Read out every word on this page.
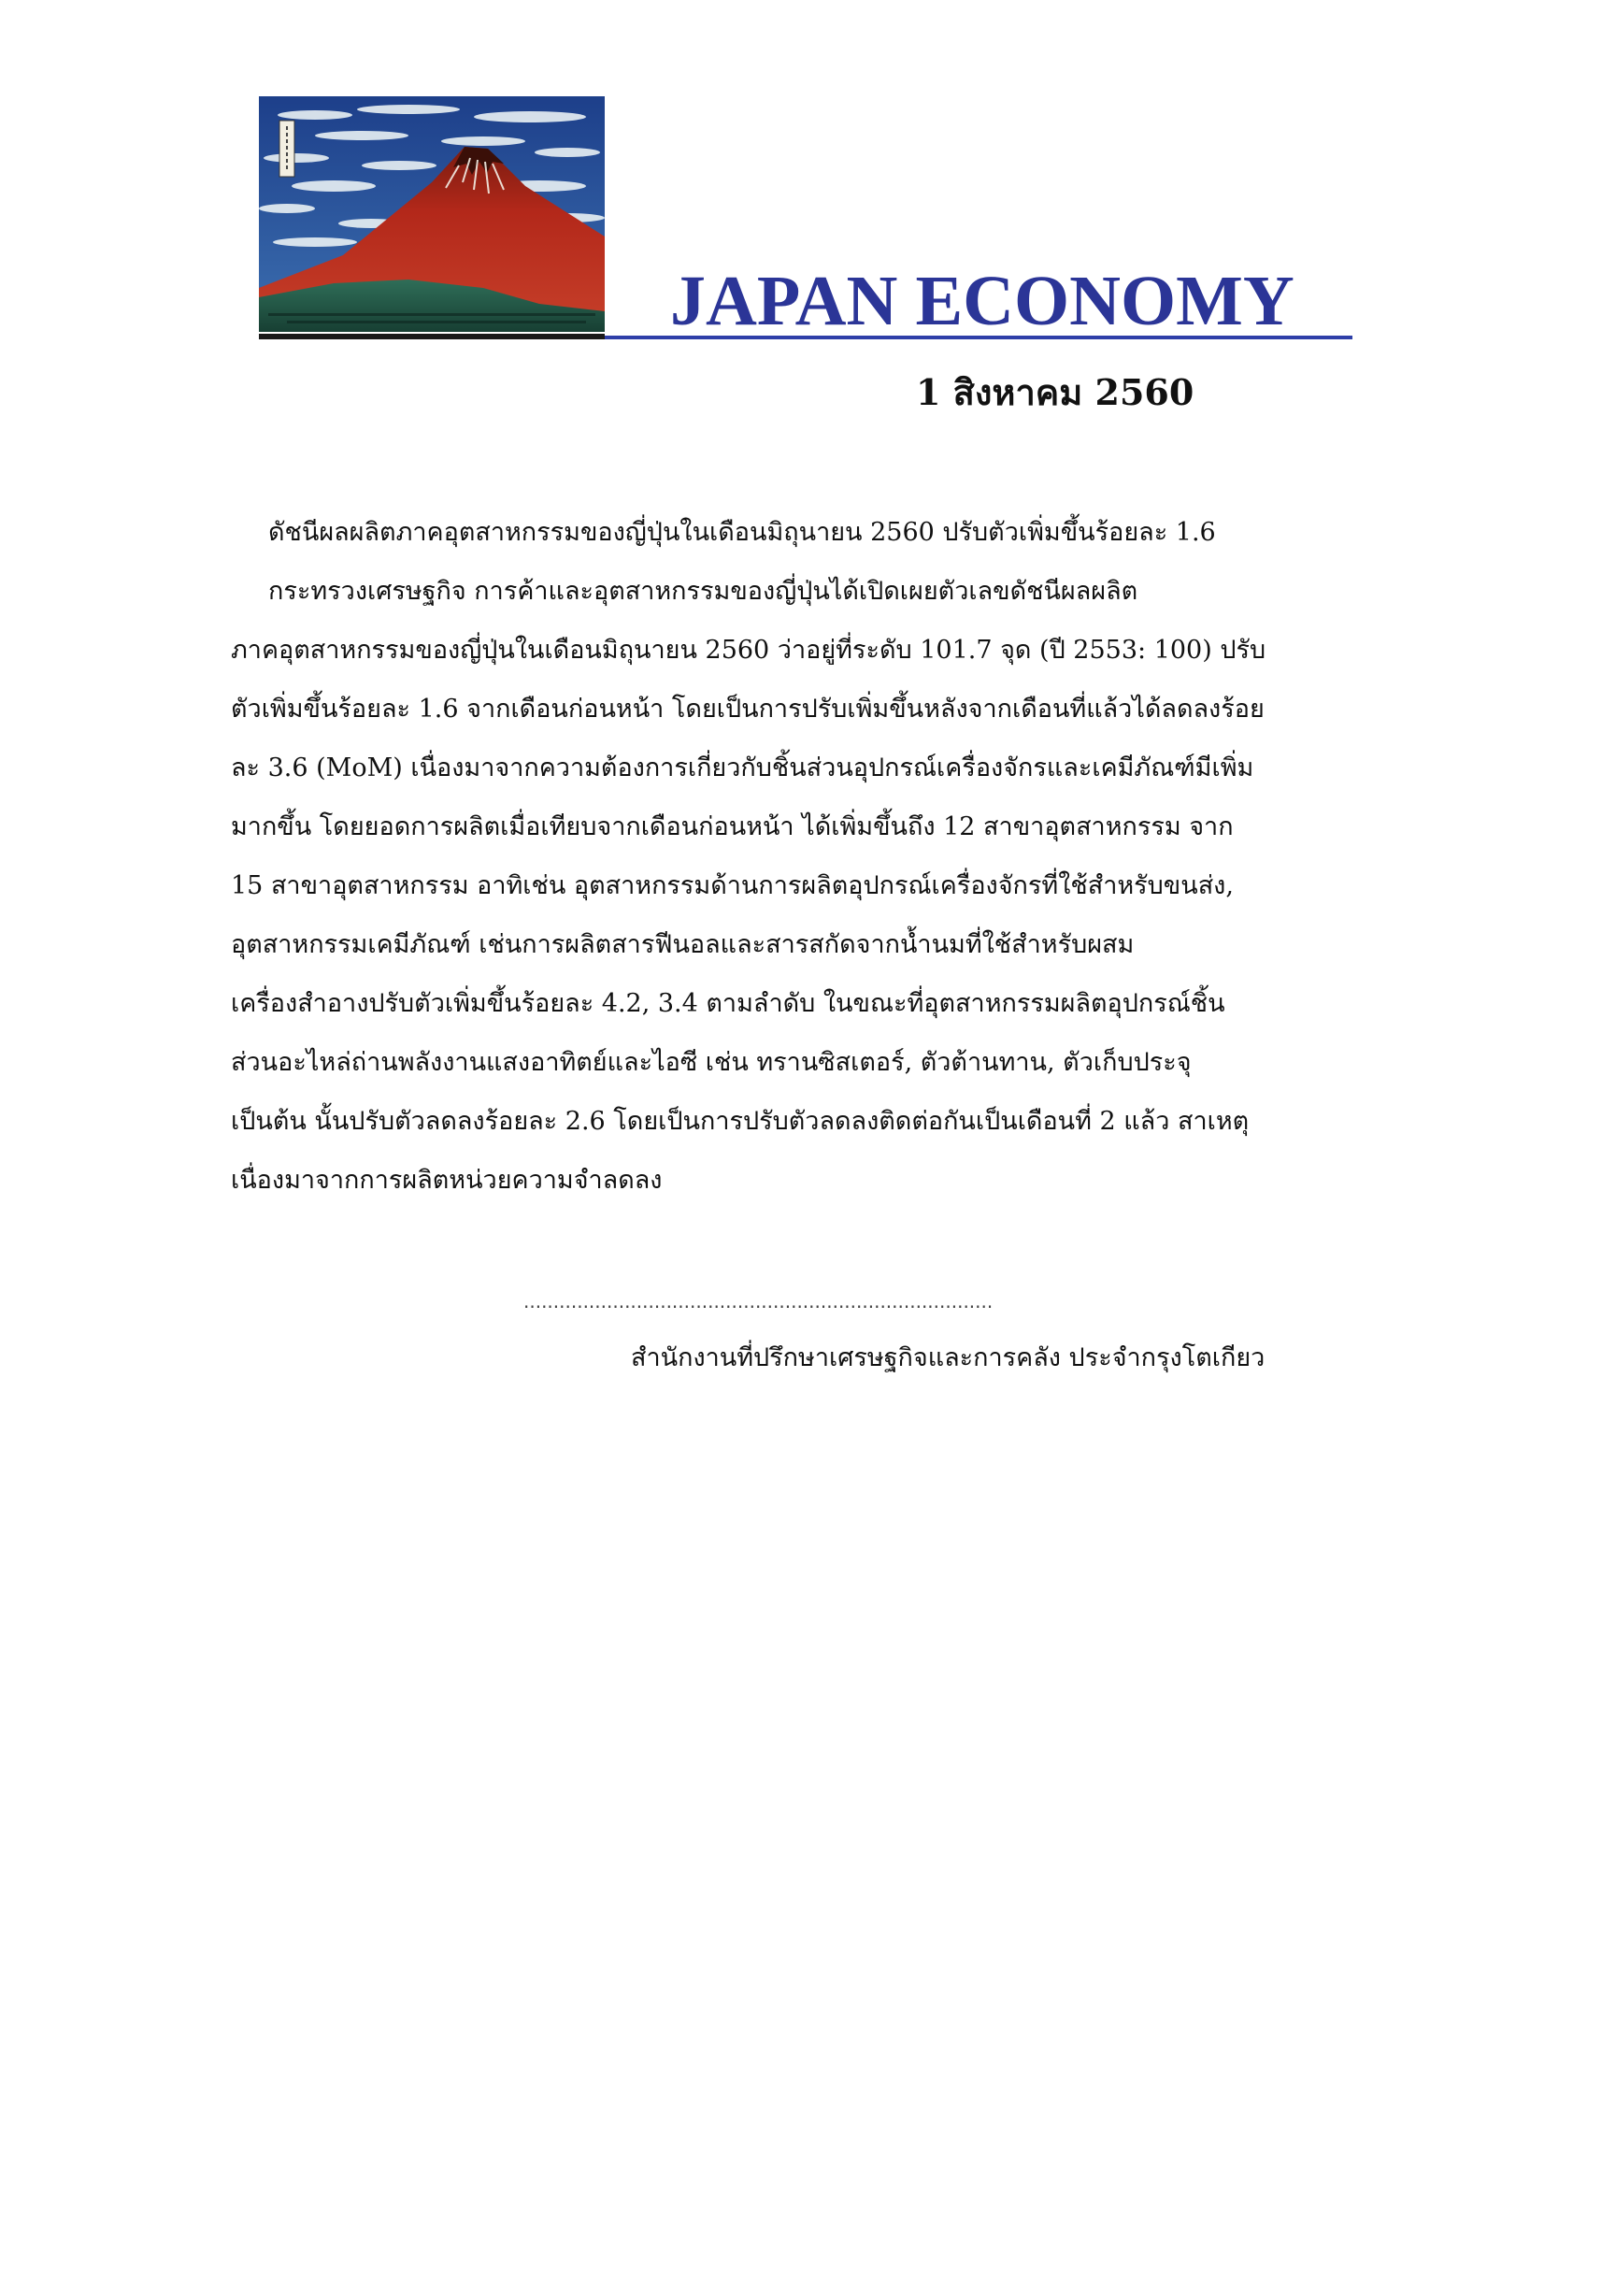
JAPAN ECONOMY
1 สิงหาคม 2560
ดัชนีผลผลิตภาคอุตสาหกรรมของญี่ปุ่นในเดือนมิถุนายน 2560 ปรับตัวเพิ่มขึ้นร้อยละ 1.6
กระทรวงเศรษฐกิจ การค้าและอุตสาหกรรมของญี่ปุ่นได้เปิดเผยตัวเลขดัชนีผลผลิต
ภาคอุตสาหกรรมของญี่ปุ่นในเดือนมิถุนายน 2560 ว่าอยู่ที่ระดับ 101.7 จุด (ปี 2553: 100) ปรับ
ตัวเพิ่มขึ้นร้อยละ 1.6 จากเดือนก่อนหน้า โดยเป็นการปรับเพิ่มขึ้นหลังจากเดือนที่แล้วได้ลดลงร้อย
ละ 3.6 (MoM) เนื่องมาจากความต้องการเกี่ยวกับชิ้นส่วนอุปกรณ์เครื่องจักรและเคมีภัณฑ์มีเพิ่ม
มากขึ้น โดยยอดการผลิตเมื่อเทียบจากเดือนก่อนหน้า ได้เพิ่มขึ้นถึง 12 สาขาอุตสาหกรรม จาก
15 สาขาอุตสาหกรรม อาทิเช่น อุตสาหกรรมด้านการผลิตอุปกรณ์เครื่องจักรที่ใช้สำหรับขนส่ง,
อุตสาหกรรมเคมีภัณฑ์ เช่นการผลิตสารฟีนอลและสารสกัดจากน้ำนมที่ใช้สำหรับผสม
เครื่องสำอางปรับตัวเพิ่มขึ้นร้อยละ 4.2, 3.4 ตามลำดับ ในขณะที่อุตสาหกรรมผลิตอุปกรณ์ชิ้น
ส่วนอะไหล่ถ่านพลังงานแสงอาทิตย์และไอซี เช่น ทรานซิสเตอร์, ตัวต้านทาน, ตัวเก็บประจุ
เป็นต้น นั้นปรับตัวลดลงร้อยละ 2.6 โดยเป็นการปรับตัวลดลงติดต่อกันเป็นเดือนที่ 2 แล้ว สาเหตุ
เนื่องมาจากการผลิตหน่วยความจำลดลง
...............................................................................
สำนักงานที่ปรึกษาเศรษฐกิจและการคลัง ประจำกรุงโตเกียว
